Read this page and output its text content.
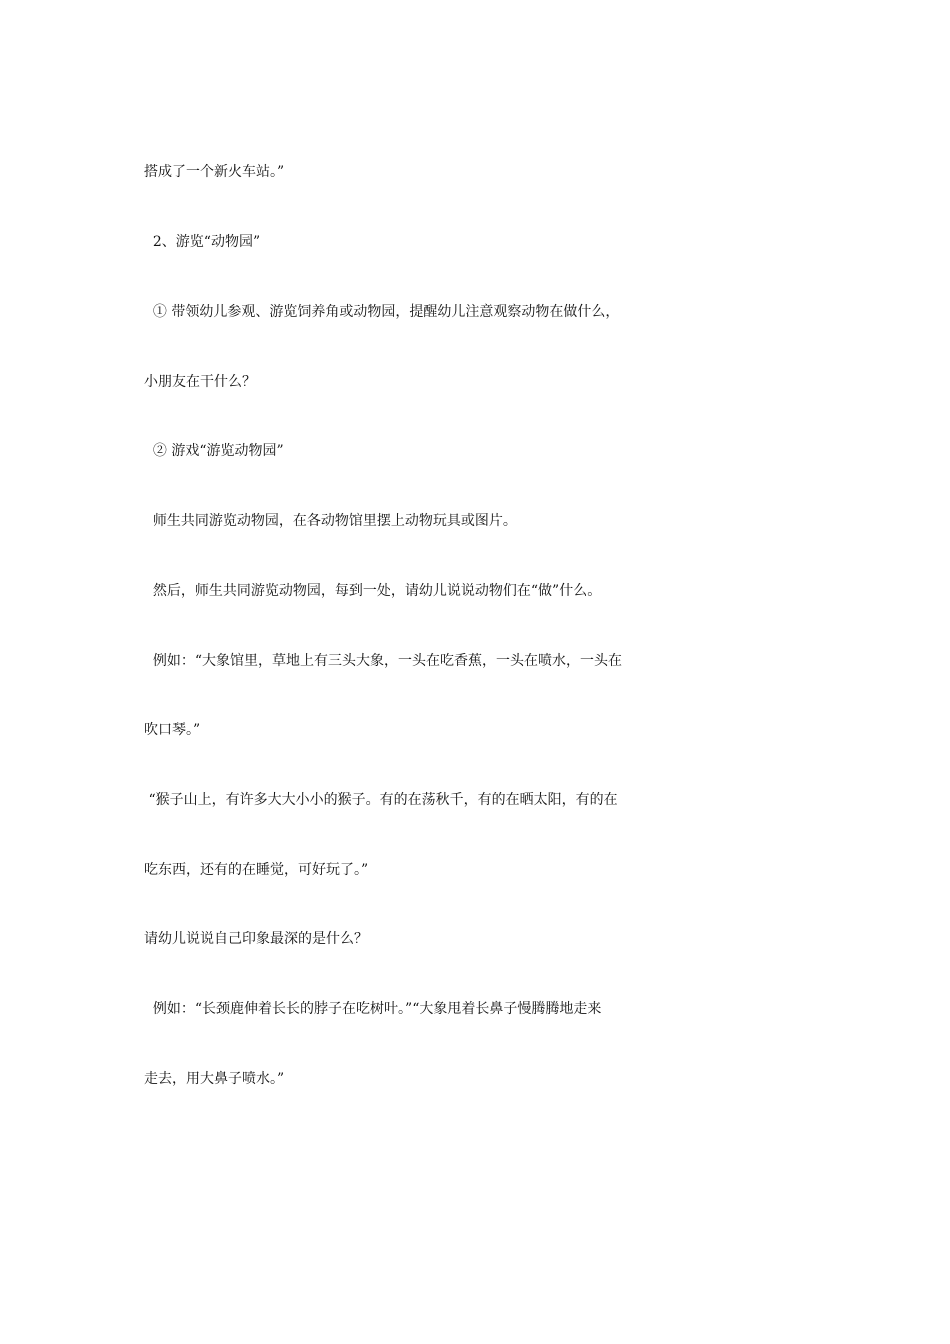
搭成了一个新火车站。”
2、游览“动物园”
① 带领幼儿参观、游览饲养角或动物园，提醒幼儿注意观察动物在做什么，
小朋友在干什么？
② 游戏“游览动物园”
师生共同游览动物园，在各动物馆里摆上动物玩具或图片。
然后，师生共同游览动物园，每到一处，请幼儿说说动物们在“做”什么。
例如：“大象馆里，草地上有三头大象，一头在吃香蕉，一头在喷水，一头在
吹口琴。”
“猴子山上，有许多大大小小的猴子。有的在荡秋千，有的在晒太阳，有的在
吃东西，还有的在睡觉，可好玩了。”
请幼儿说说自己印象最深的是什么？
例如：“长颈鹿伸着长长的脖子在吃树叶。”“大象甩着长鼻子慢腾腾地走来
走去，用大鼻子喷水。”
